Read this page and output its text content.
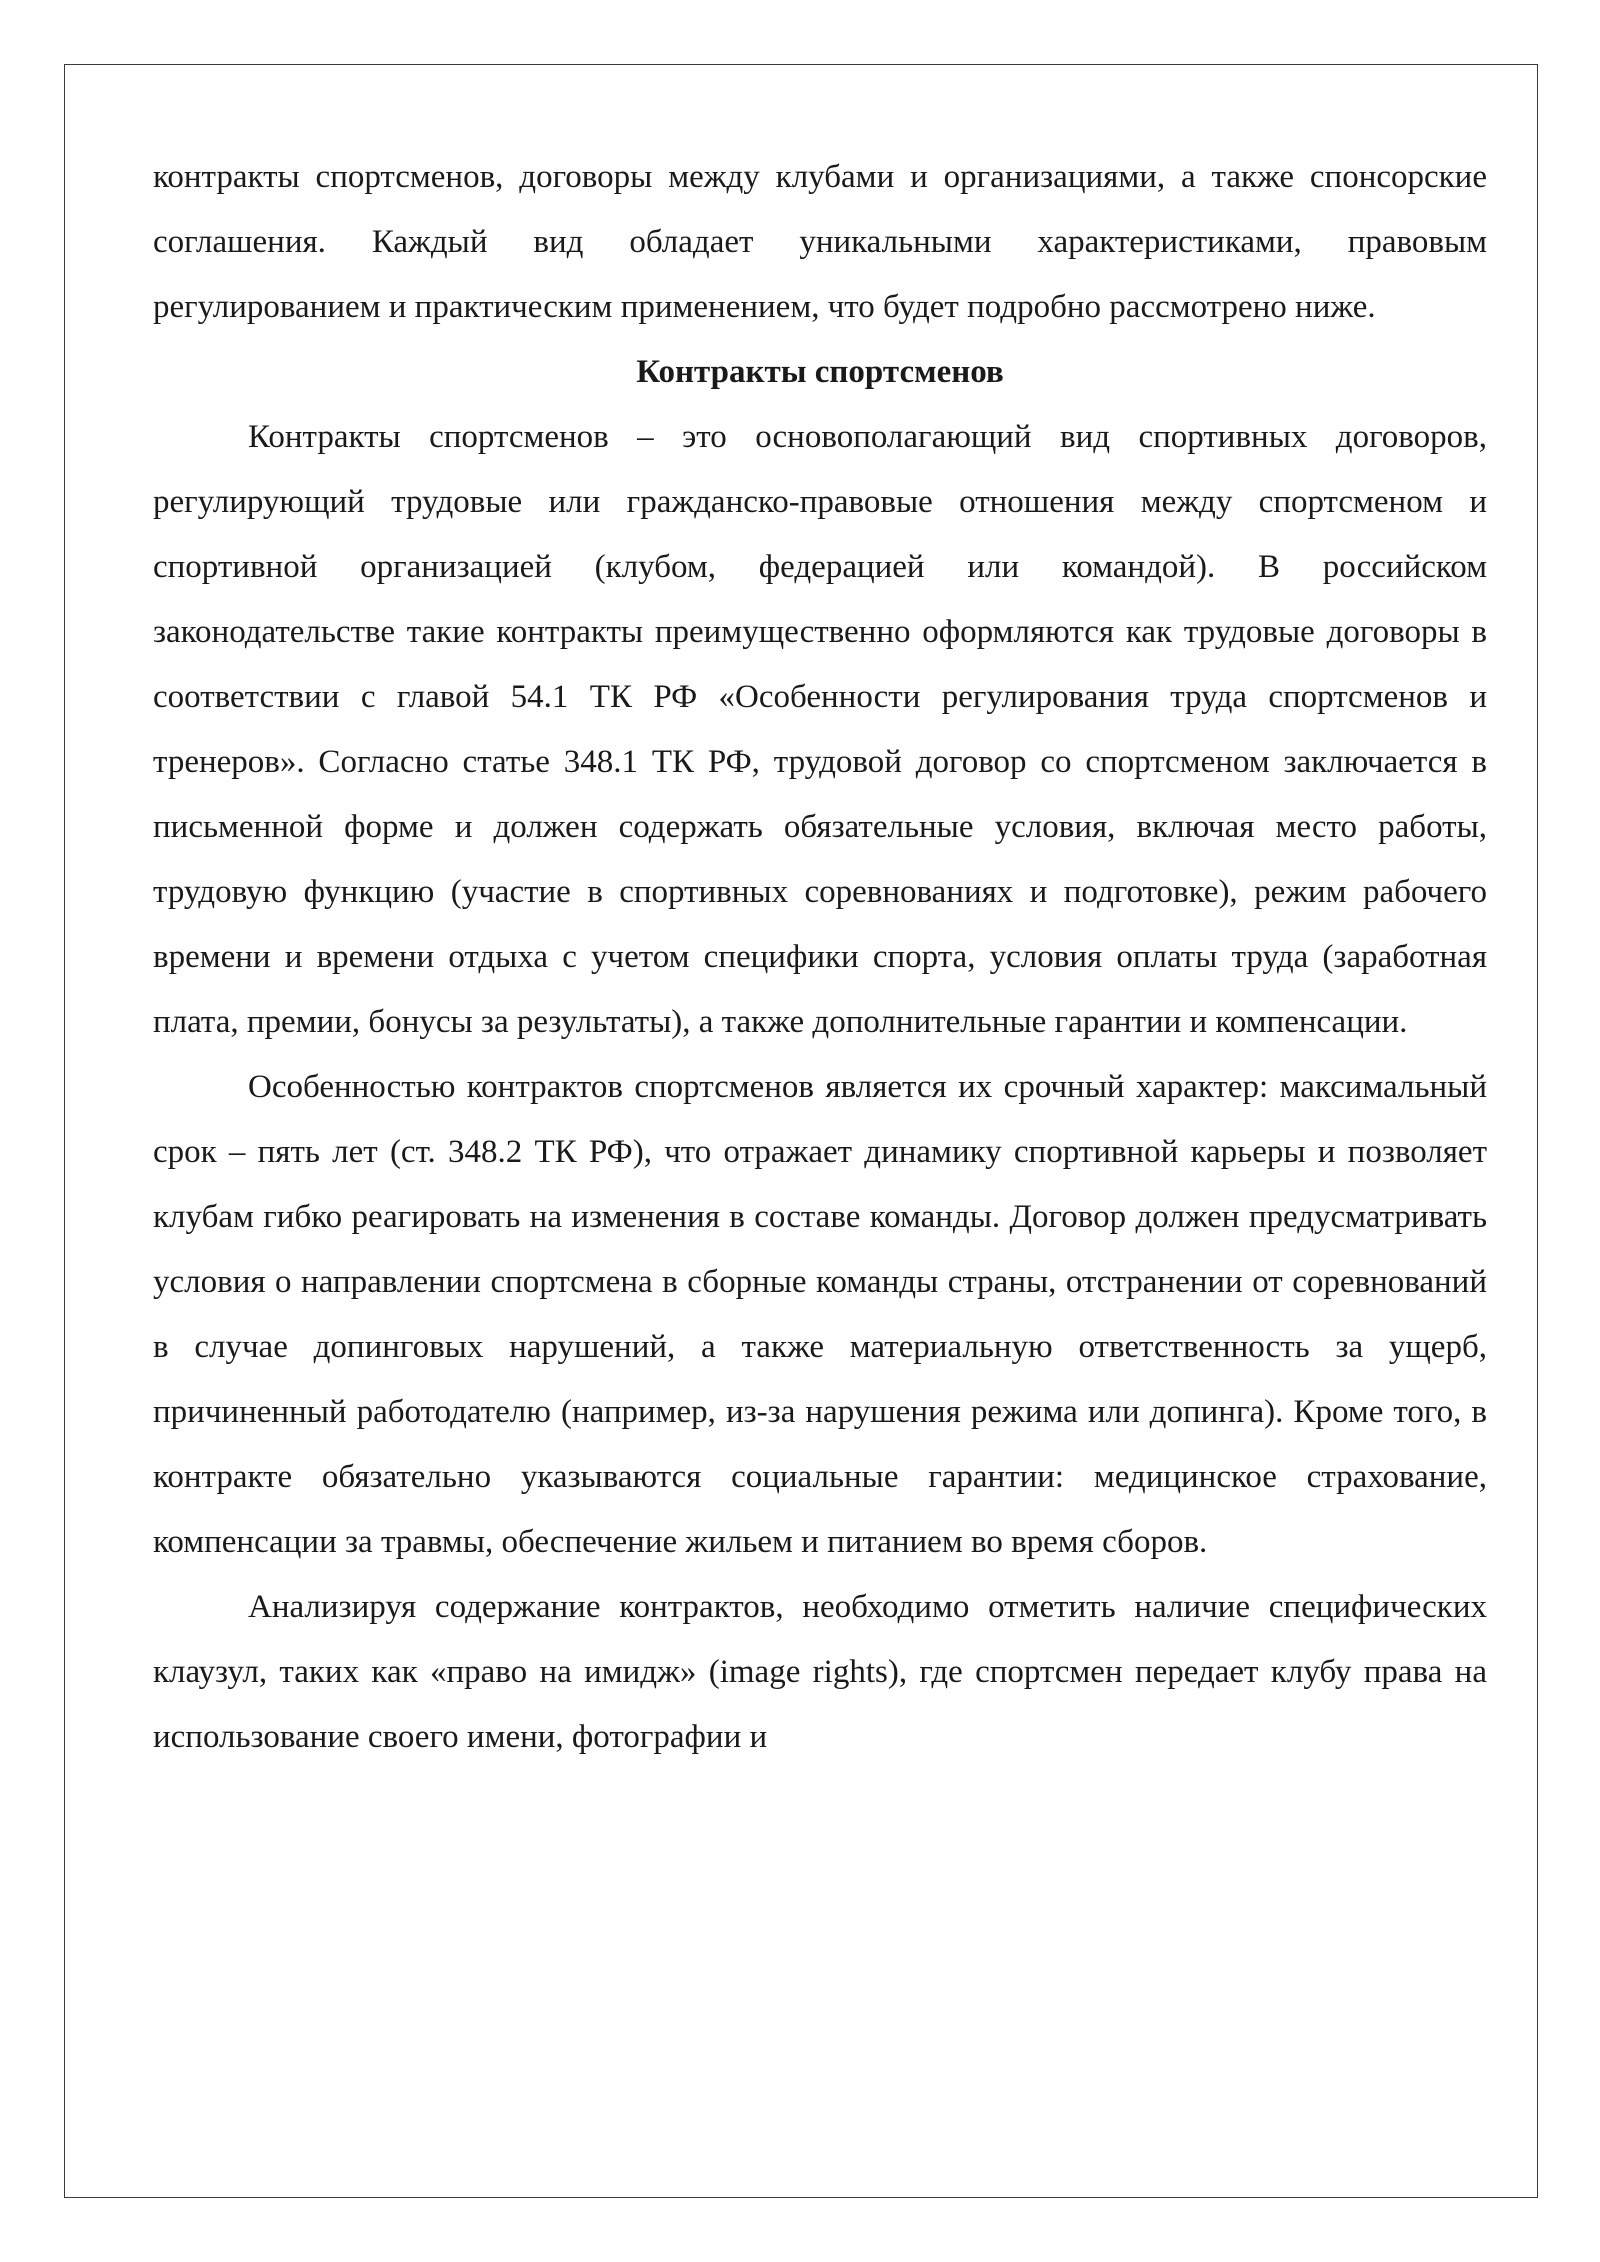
контракты спортсменов, договоры между клубами и организациями, а также спонсорские соглашения. Каждый вид обладает уникальными характеристиками, правовым регулированием и практическим применением, что будет подробно рассмотрено ниже.

Контракты спортсменов

Контракты спортсменов – это основополагающий вид спортивных договоров, регулирующий трудовые или гражданско-правовые отношения между спортсменом и спортивной организацией (клубом, федерацией или командой). В российском законодательстве такие контракты преимущественно оформляются как трудовые договоры в соответствии с главой 54.1 ТК РФ «Особенности регулирования труда спортсменов и тренеров». Согласно статье 348.1 ТК РФ, трудовой договор со спортсменом заключается в письменной форме и должен содержать обязательные условия, включая место работы, трудовую функцию (участие в спортивных соревнованиях и подготовке), режим рабочего времени и времени отдыха с учетом специфики спорта, условия оплаты труда (заработная плата, премии, бонусы за результаты), а также дополнительные гарантии и компенсации.

Особенностью контрактов спортсменов является их срочный характер: максимальный срок – пять лет (ст. 348.2 ТК РФ), что отражает динамику спортивной карьеры и позволяет клубам гибко реагировать на изменения в составе команды. Договор должен предусматривать условия о направлении спортсмена в сборные команды страны, отстранении от соревнований в случае допинговых нарушений, а также материальную ответственность за ущерб, причиненный работодателю (например, из-за нарушения режима или допинга). Кроме того, в контракте обязательно указываются социальные гарантии: медицинское страхование, компенсации за травмы, обеспечение жильем и питанием во время сборов.

Анализируя содержание контрактов, необходимо отметить наличие специфических клаузул, таких как «право на имидж» (image rights), где спортсмен передает клубу права на использование своего имени, фотографии и
